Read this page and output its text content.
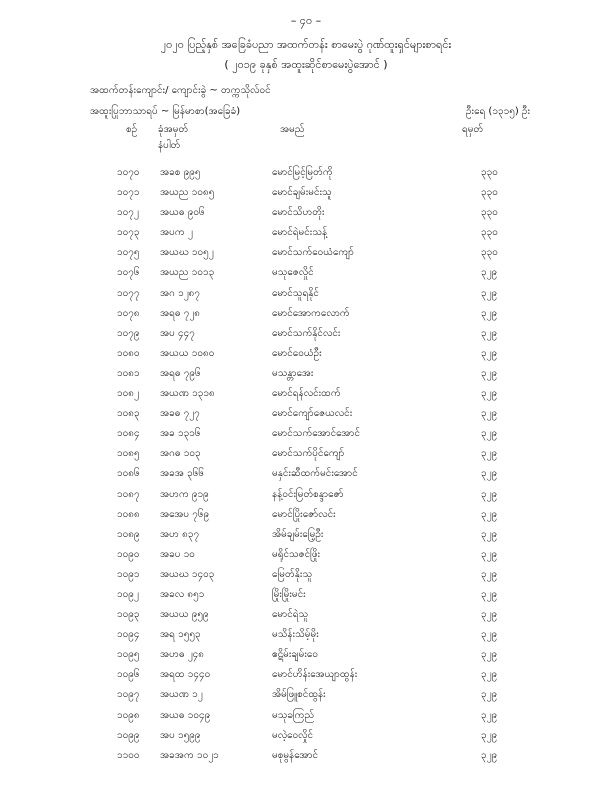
– ၄၀ –
၂၀၂၀ ပြည့်နှစ် အခြေခံပညာ အထက်တန်း စာမေးပွဲ ဂုဏ်ထူးရှင်များစာရင်း
( ၂၀၁၉ ခုနှစ် အထူးဆိုင်စာမေးပွဲအောင် )
အထက်တန်းကျောင်း/ ကျောင်းခွဲ ~ တက္ကသိုလ်ဝင်
အထူးပြုဘာသာရပ် ~ မြန်မာစာ(အခြေခံ)	ဦးရေ (၁၃၁၅) ဦး
စဉ် ခုံအမှတ်
နံပါတ်
အမည်	ရမှတ်
၁၀၇၀ အခစ ၉၉၅	မောင်မြင့်မြတ်ကို	၃၃၀
၁၀၇၁ အယည ၁၀၈၅	မောင်ချမ်းမင်းသူ	၃၃၀
၁၀၇၂ အယဓ ၉၀၆	မောင်သိဟတိုး	၃၃၀
၁၀၇၃ အပက ၂	မောင်ရဲမင်းသန့်	၃၃၀
၁၀၇၅ အယဃ ၁၀၅၂	မောင်သက်ဝေယံကျော်	၃၃၀
၁၀၇၆ အယည ၁၀၁၃	မသုဇေလှိုင်	၃၂၉
၁၀၇၇ အဂ ၁၂၈၇	မောင်သူရနိုင်	၃၂၉
၁၀၇၈ အရဓ ၇၂၈	မောင်အောကလောက်	၃၂၉
၁၀၇၉ အပ ၄၄၇	မောင်သက်နိုင်လင်း	၃၂၉
၁၀၈၀ အယယ ၁၀၈၀	မောင်ဝေယံဦး	၃၂၉
၁၀၈၁ အရဓ ၇၉၆	မသန္တာအေး	၃၂၉
၁၀၈၂ အယဏ ၁၃၁၈	မောင်ရန်လင်းထက်	၃၂၉
၁၀၈၃ အခဓ ၇၂၇	မောင်ကျော်ဇေယလင်း	၃၂၉
၁၀၈၄ အခ ၁၃၁၆	မောင်သက်အောင်အောင်	၃၂၉
၁၀၈၅ အဂဓ ၁၀၃	မောင်သက်ပိုင်ကျော်	၃၂၉
၁၀၈၆ အခအ ၃၆၆	မနှင်းဆီထက်မင်းအောင်	၃၂၉
၁၀၈၇ အဟက ၉၁၉	နန့်ဝင်းမြတ်စန္ဒာဇော်	၃၂၉
၁၀၈၈ အအေပ ၇၆၉	မောင်ပြိုးဇော်လင်း	၃၂၉
၁၀၈၉ အဟ ၈၃၇	အိမ်ချမ်းမြေ့ဦး	၃၂၉
၁၀၉၀ အခပ ၁၀	မရိုင်သဇင်ဖြိုး	၃၂၉
၁၀၉၁ အယဃ ၁၄၀၃	မြေတ်နိုးသူ	၃၂၉
၁၀၉၂ အခလ ၈၅၁	မြိုးမြိုးမင်း	၃၂၉
၁၀၉၃ အယယ ၉၅၉	မောင်ရဲသူ	၃၂၉
၁၀၉၄ အရ ၁၅၅၃	မသိန်းသိမ့်မိုး	၃၂၉
၁၀၉၅ အဟဓ ၂၄၈	ဧဋိမ်းချမ်းဝေ	၃၂၉
၁၀၉၆ အရထ ၁၄၄၀	မောင်ဟိန်းအေယျာထွန်း	၃၂၉
၁၀၉၇ အယဏ ၁၂	အိမ်ဖြူစင်ထွန်း	၃၂၉
၁၀၉၈ အယဓ ၁၀၄၉	မသုခကြည်	၃၂၉
၁၀၉၉ အပ ၁၅၉၉	မလဲ့ဝေလှိုင်	၃၂၉
၁၁၀၀ အခအက ၁၀၂၁	မစုမွန်အောင်	၃၂၉
